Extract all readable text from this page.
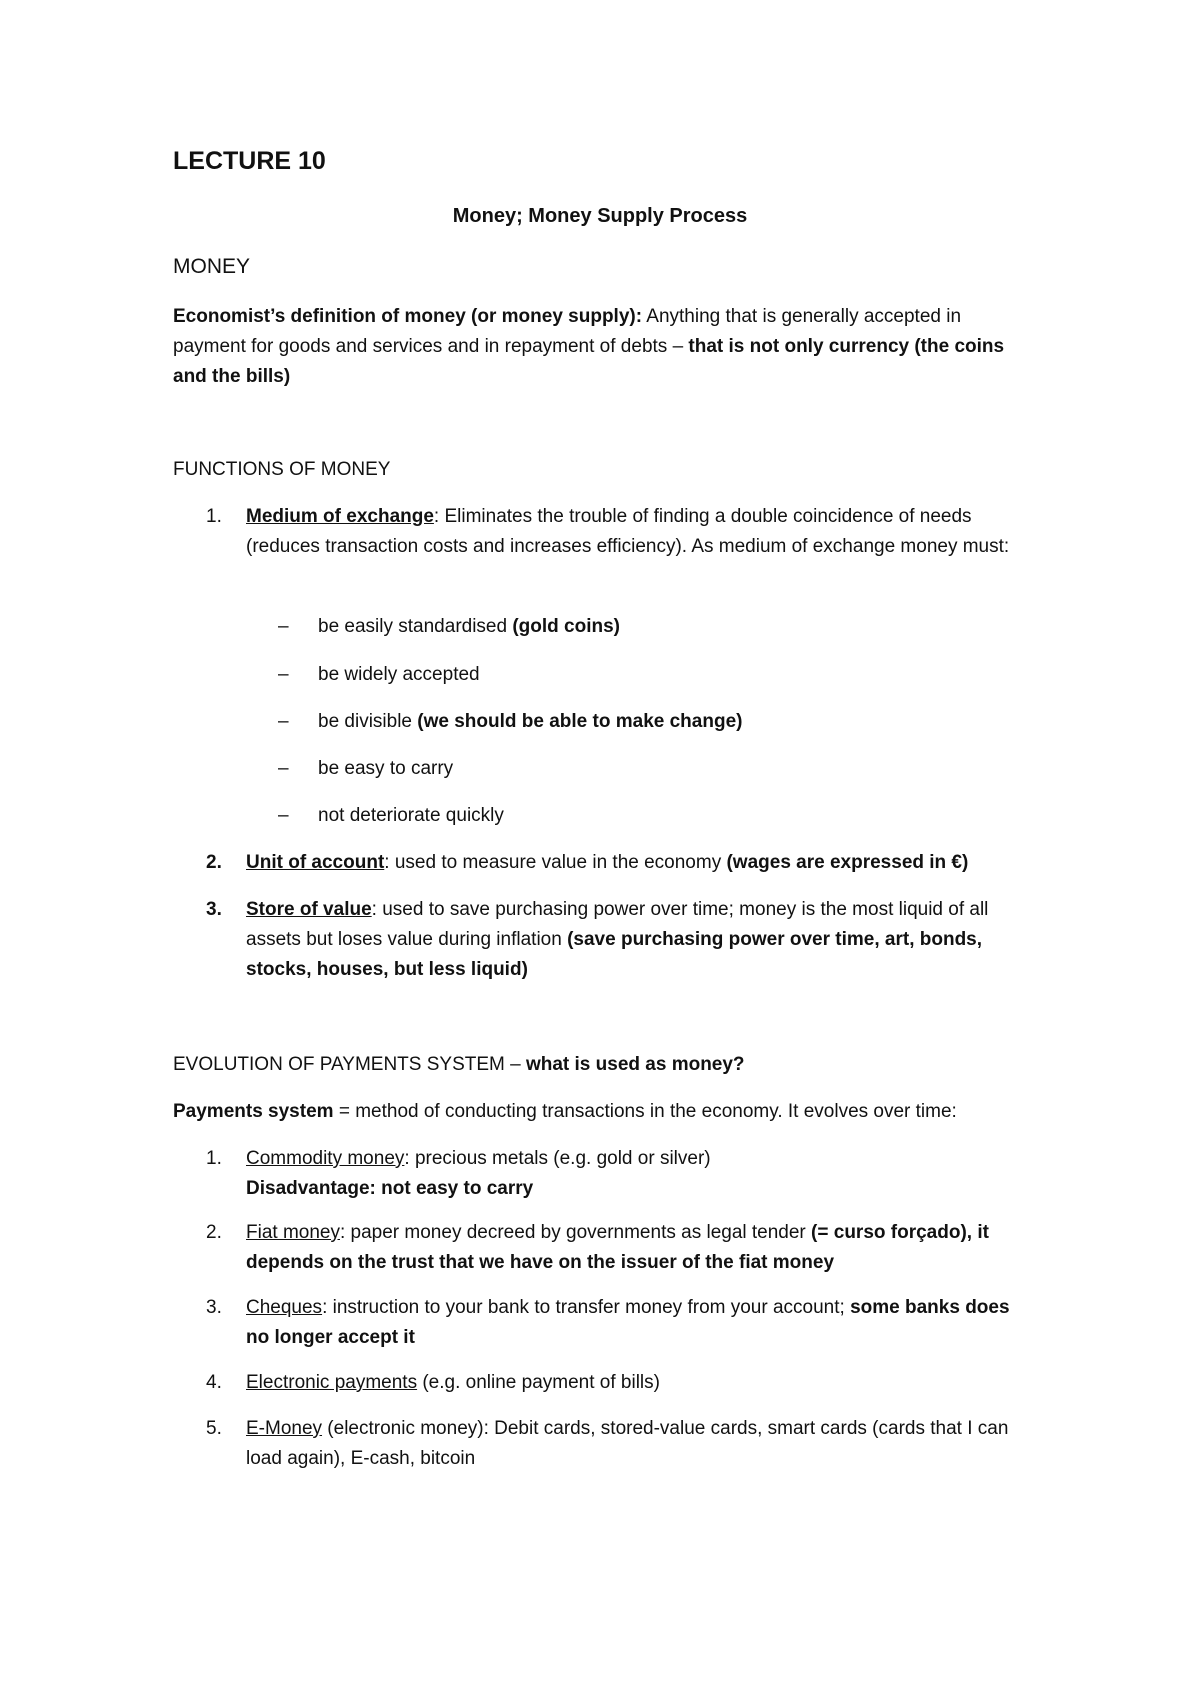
LECTURE 10
Money; Money Supply Process
MONEY
Economist’s definition of money (or money supply): Anything that is generally accepted in payment for goods and services and in repayment of debts – that is not only currency (the coins and the bills)
FUNCTIONS OF MONEY
1. Medium of exchange: Eliminates the trouble of finding a double coincidence of needs (reduces transaction costs and increases efficiency). As medium of exchange money must:
– be easily standardised (gold coins)
– be widely accepted
– be divisible (we should be able to make change)
– be easy to carry
– not deteriorate quickly
2. Unit of account: used to measure value in the economy (wages are expressed in €)
3. Store of value: used to save purchasing power over time; money is the most liquid of all assets but loses value during inflation (save purchasing power over time, art, bonds, stocks, houses, but less liquid)
EVOLUTION OF PAYMENTS SYSTEM – what is used as money?
Payments system = method of conducting transactions in the economy. It evolves over time:
1. Commodity money: precious metals (e.g. gold or silver)
Disadvantage: not easy to carry
2. Fiat money: paper money decreed by governments as legal tender (= curso forçado), it depends on the trust that we have on the issuer of the fiat money
3. Cheques: instruction to your bank to transfer money from your account; some banks does no longer accept it
4. Electronic payments (e.g. online payment of bills)
5. E-Money (electronic money): Debit cards, stored-value cards, smart cards (cards that I can load again), E-cash, bitcoin
